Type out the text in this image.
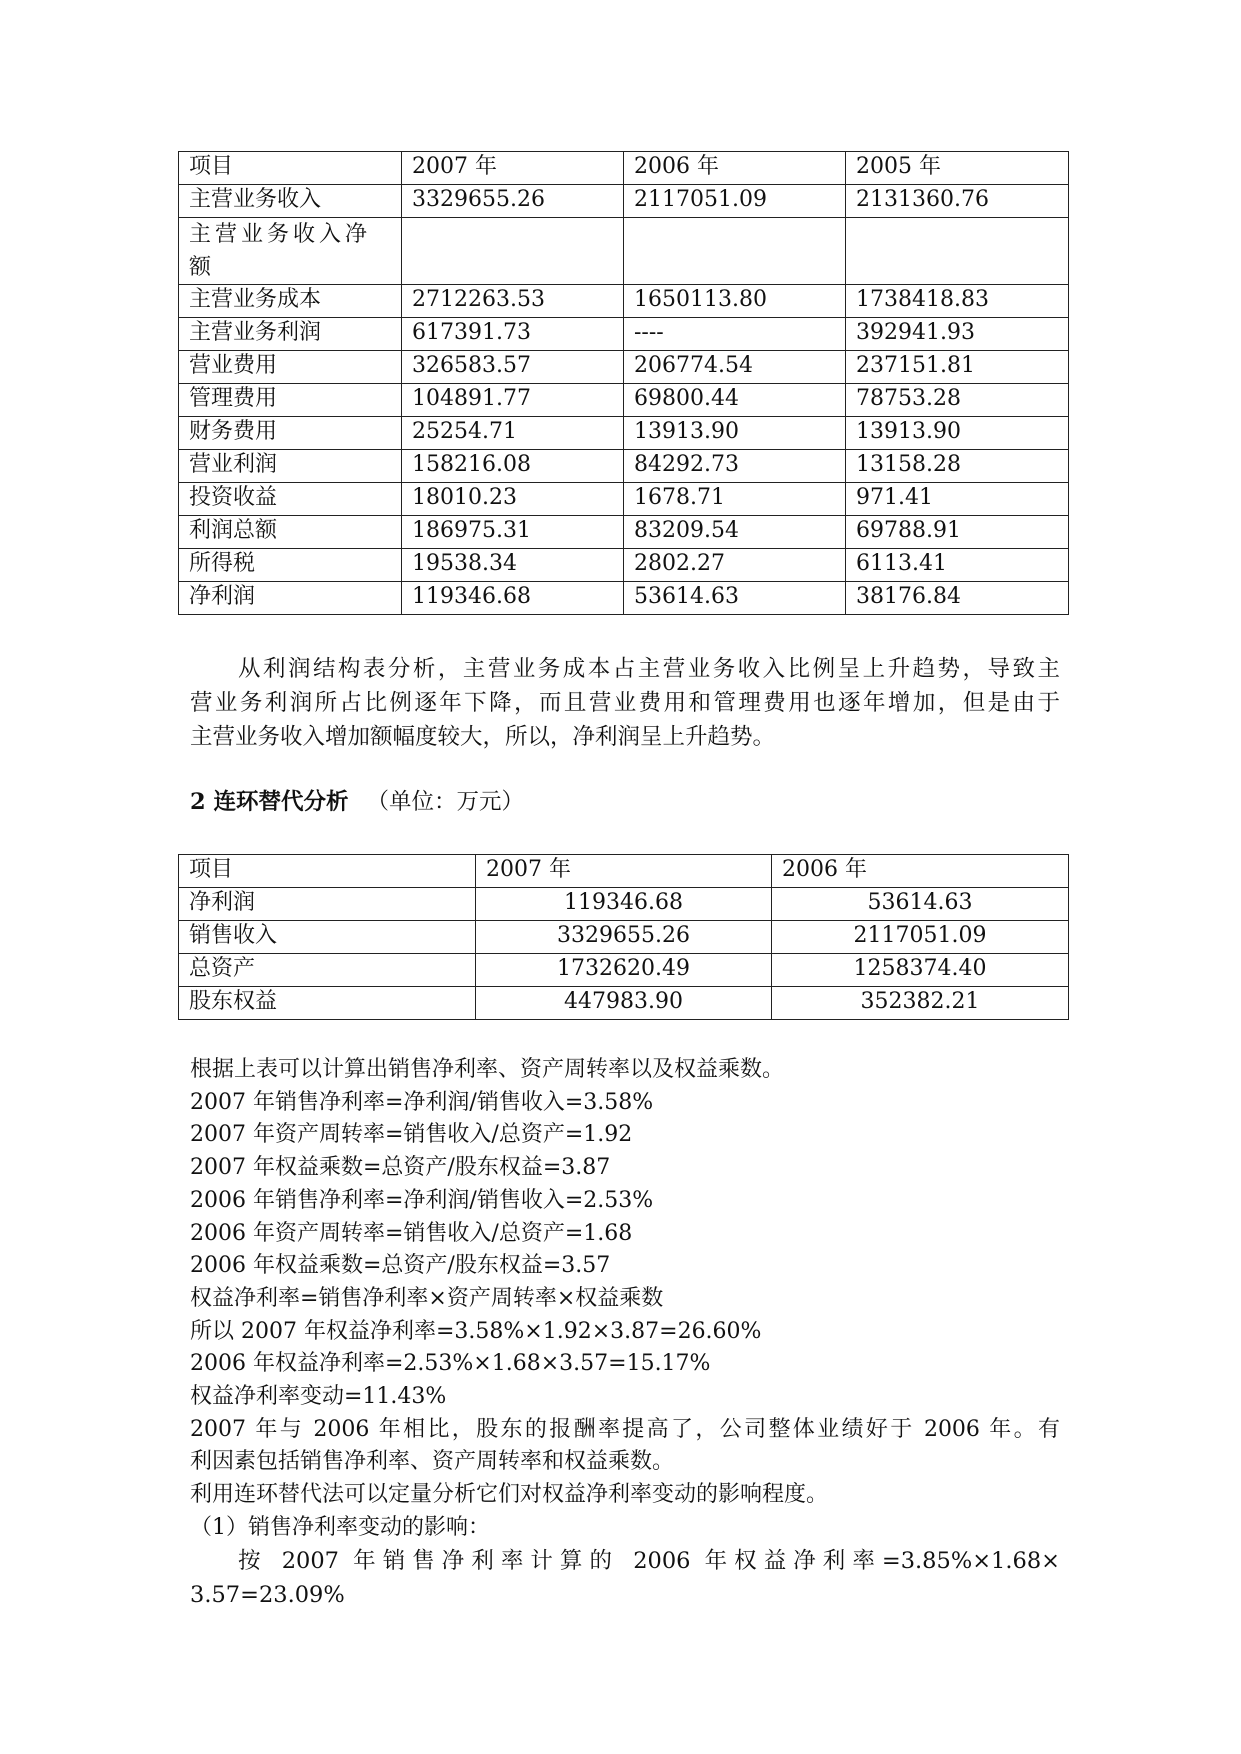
项目	2007 年	2006 年	2005 年
主营业务收入	3329655.26	2117051.09	2131360.76
主营业务收入净额			
主营业务成本	2712263.53	1650113.80	1738418.83
主营业务利润	617391.73	----	392941.93
营业费用	326583.57	206774.54	237151.81
管理费用	104891.77	69800.44	78753.28
财务费用	25254.71	13913.90	13913.90
营业利润	158216.08	84292.73	13158.28
投资收益	18010.23	1678.71	971.41
利润总额	186975.31	83209.54	69788.91
所得税	19538.34	2802.27	6113.41
净利润	119346.68	53614.63	38176.84
从利润结构表分析，主营业务成本占主营业务收入比例呈上升趋势，导致主
营业务利润所占比例逐年下降，而且营业费用和管理费用也逐年增加，但是由于
主营业务收入增加额幅度较大，所以，净利润呈上升趋势。
2 连环替代分析 （单位：万元）
项目	2007 年	2006 年
净利润	119346.68	53614.63
销售收入	3329655.26	2117051.09
总资产	1732620.49	1258374.40
股东权益	447983.90	352382.21
根据上表可以计算出销售净利率、资产周转率以及权益乘数。
2007 年销售净利率=净利润/销售收入=3.58%
2007 年资产周转率=销售收入/总资产=1.92
2007 年权益乘数=总资产/股东权益=3.87
2006 年销售净利率=净利润/销售收入=2.53%
2006 年资产周转率=销售收入/总资产=1.68
2006 年权益乘数=总资产/股东权益=3.57
权益净利率=销售净利率×资产周转率×权益乘数
所以 2007 年权益净利率=3.58%×1.92×3.87=26.60%
2006 年权益净利率=2.53%×1.68×3.57=15.17%
权益净利率变动=11.43%
2007 年与 2006 年相比，股东的报酬率提高了，公司整体业绩好于 2006 年。有
利因素包括销售净利率、资产周转率和权益乘数。
利用连环替代法可以定量分析它们对权益净利率变动的影响程度。
（1）销售净利率变动的影响：
按 2007 年销售净利率计算的 2006 年权益净利率=3.85%×1.68×
3.57=23.09%
